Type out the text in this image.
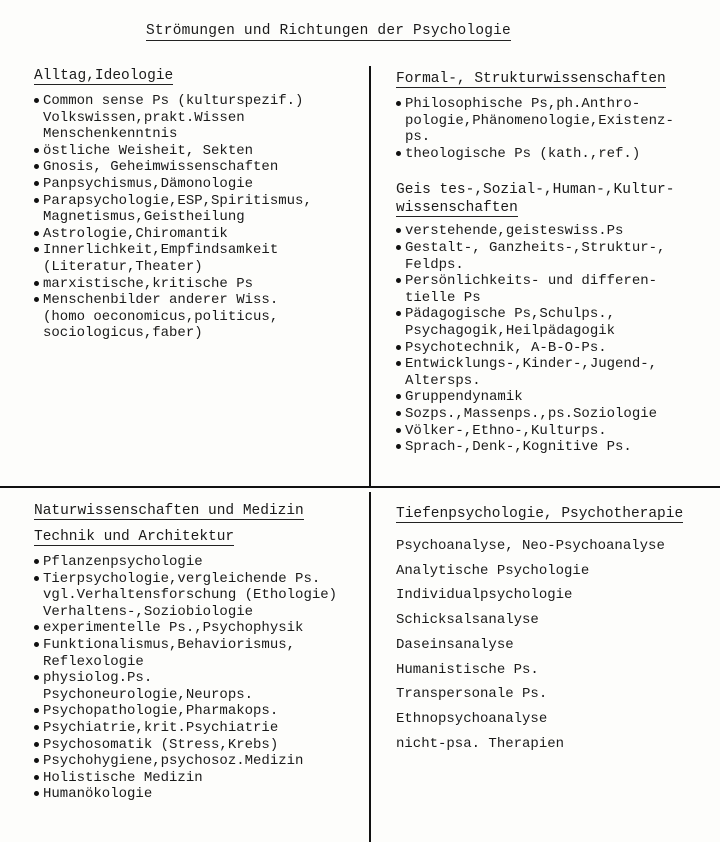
Strömungen und Richtungen der Psychologie
Alltag,Ideologie
Common sense Ps (kulturspezif.)
Volkswissen,prakt.Wissen
Menschenkenntnis
östliche Weisheit, Sekten
Gnosis, Geheimwissenschaften
Panpsychismus,Dämonologie
Parapsychologie,ESP,Spiritismus,
Magnetismus,Geistheilung
Astrologie,Chiromantik
Innerlichkeit,Empfindsamkeit
(Literatur,Theater)
marxistische,kritische Ps
Menschenbilder anderer Wiss.
(homo oeconomicus,politicus,
sociologicus,faber)
Formal-, Strukturwissenschaften
Philosophische Ps,ph.Anthro-
pologie,Phänomenologie,Existenz-
ps.
theologische Ps (kath.,ref.)
Geis tes-,Sozial-,Human-,Kultur-
wissenschaften
verstehende,geisteswiss.Ps
Gestalt-, Ganzheits-,Struktur-,
Feldps.
Persönlichkeits- und differen-
tielle Ps
Pädagogische Ps,Schulps.,
Psychagogik,Heilpädagogik
Psychotechnik, A-B-O-Ps.
Entwicklungs-,Kinder-,Jugend-,
Altersps.
Gruppendynamik
Sozps.,Massenps.,ps.Soziologie
Völker-,Ethno-,Kulturps.
Sprach-,Denk-,Kognitive Ps.
Naturwissenschaften und Medizin
Technik und Architektur
Pflanzenpsychologie
Tierpsychologie,vergleichende Ps.
vgl.Verhaltensforschung (Ethologie)
Verhaltens-,Soziobiologie
experimentelle Ps.,Psychophysik
Funktionalismus,Behaviorismus,
Reflexologie
physiolog.Ps.
Psychoneurologie,Neurops.
Psychopathologie,Pharmakops.
Psychiatrie,krit.Psychiatrie
Psychosomatik (Stress,Krebs)
Psychohygiene,psychosoz.Medizin
Holistische Medizin
Humanökologie
Tiefenpsychologie, Psychotherapie
Psychoanalyse, Neo-Psychoanalyse
Analytische Psychologie
Individualpsychologie
Schicksalsanalyse
Daseinsanalyse
Humanistische Ps.
Transpersonale Ps.
Ethnopsychoanalyse
nicht-psa. Therapien
